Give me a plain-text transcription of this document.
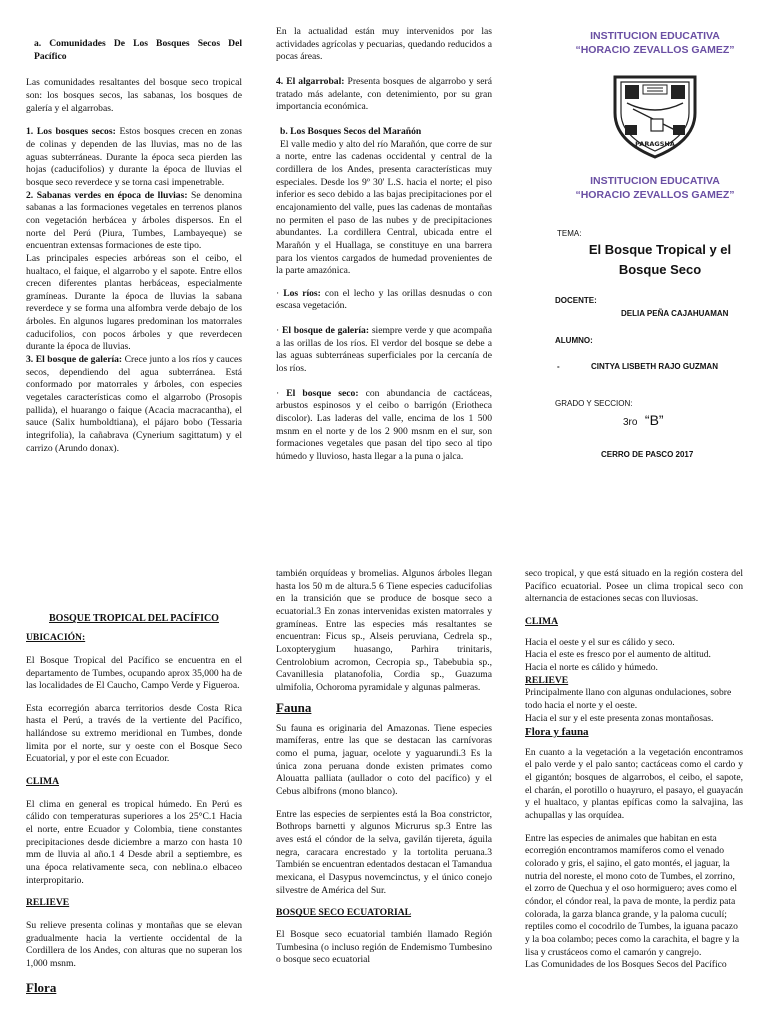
a. Comunidades De Los Bosques Secos Del Pacífico

Las comunidades resaltantes del bosque seco tropical son: los bosques secos, las sabanas, los bosques de galería y el algarrobas.

1. Los bosques secos: Estos bosques crecen en zonas de colinas y dependen de las lluvias, mas no de las aguas subterráneas. Durante la época seca pierden las hojas (caducifolios) y durante la época de lluvias el bosque seco reverdece y se torna casi impenetrable.

2. Sabanas verdes en época de lluvias: Se denomina sabanas a las formaciones vegetales en terrenos planos con vegetación herbácea y árboles dispersos. En el norte del Perú (Piura, Tumbes, Lambayeque) se encuentran extensas formaciones de este tipo.

Las principales especies arbóreas son el ceibo, el hualtaco, el faique, el algarrobo y el sapote. Entre ellos crecen diferentes plantas herbáceas, especialmente gramíneas. Durante la época de lluvias la sabana reverdece y se forma una alfombra verde debajo de los árboles. En algunos lugares predominan los matorrales caducifolios, con pocos árboles y que reverdecen durante la época de lluvias.

3. El bosque de galería: Crece junto a los ríos y cauces secos, dependiendo del agua subterránea. Está conformado por matorrales y árboles, con especies vegetales características como el algarrobo (Prosopis pallida), el huarango o faique (Acacia macracantha), el sauce (Salix humboldtiana), el pájaro bobo (Tessaria integrifolia), la cañabrava (Cynerium sagittatum) y el carrizo (Arundo donax).

En la actualidad están muy intervenidos por las actividades agrícolas y pecuarias, quedando reducidos a pocas áreas.

4. El algarrobal: Presenta bosques de algarrobo y será tratado más adelante, con detenimiento, por su gran importancia económica.

b. Los Bosques Secos del Marañón

El valle medio y alto del río Marañón, que corre de sur a norte, entre las cadenas occidental y central de la cordillera de los Andes, presenta características muy especiales. Desde los 9º 30' L.S. hacia el norte; el piso inferior es seco debido a las bajas precipitaciones por el encajonamiento del valle, pues las cadenas de montañas no permiten el paso de las nubes y de precipitaciones abundantes. La cordillera Central, ubicada entre el Marañón y el Huallaga, se constituye en una barrera para los vientos cargados de humedad provenientes de la parte amazónica.

· Los ríos: con el lecho y las orillas desnudas o con escasa vegetación.

· El bosque de galería: siempre verde y que acompaña a las orillas de los ríos. El verdor del bosque se debe a las aguas subterráneas superficiales por la cercanía de los ríos.

· El bosque seco: con abundancia de cactáceas, arbustos espinosos y el ceibo o barrigón (Eriotheca discolor). Las laderas del valle, encima de los 1 500 msnm en el norte y de los 2 900 msnm en el sur, son formaciones vegetales que pasan del tipo seco al tipo húmedo y lluvioso, hasta llegar a la puna o jalca.

INSTITUCION EDUCATIVA
“HORACIO ZEVALLOS GAMEZ”
PARAGSHA
INSTITUCION EDUCATIVA
“HORACIO ZEVALLOS GAMEZ”
TEMA:
El Bosque Tropical y el Bosque Seco
DOCENTE:
DELIA PEÑA CAJAHUAMAN
ALUMNO:
-	CINTYA LISBETH RAJO GUZMAN
GRADO Y SECCION:
3ro “B”
CERRO DE PASCO 2017

BOSQUE TROPICAL DEL PACÍFICO

UBICACIÓN:

El Bosque Tropical del Pacífico se encuentra en el departamento de Tumbes, ocupando aprox 35,000 ha de las localidades de El Caucho, Campo Verde y Figueroa.

Esta ecorregión abarca territorios desde Costa Rica hasta el Perú, a través de la vertiente del Pacífico, hallándose su extremo meridional en Tumbes, donde limita por el norte, sur y oeste con el Bosque Seco Ecuatorial, y por el este con Ecuador.

CLIMA

El clima en general es tropical húmedo. En Perú es cálido con temperaturas superiores a los 25°C.1 Hacia el norte, entre Ecuador y Colombia, tiene constantes precipitaciones desde diciembre a marzo con hasta 10 mm de lluvia al año.1 4 Desde abril a septiembre, es una época relativamente seca, con neblina.o elbaceo interpropitario.

RELIEVE

Su relieve presenta colinas y montañas que se elevan gradualmente hacia la vertiente occidental de la Cordillera de los Andes, con alturas que no superan los 1,000 msnm.

Flora

también orquídeas y bromelias. Algunos árboles llegan hasta los 50 m de altura.5 6 Tiene especies caducifolias en la transición que se produce de bosque seco a ecuatorial.3 En zonas intervenidas existen matorrales y gramíneas. Entre las especies más resaltantes se encuentran: Ficus sp., Alseis peruviana, Cedrela sp., Loxopterygium huasango, Parhira trinitaris, Centrolobium acromon, Cecropia sp., Tabebubia sp., Cavanillesia platanofolia, Cordia sp., Guazuma ulmifolia, Ochoroma pyramidale y algunas palmeras.

Fauna

Su fauna es originaria del Amazonas. Tiene especies mamíferas, entre las que se destacan las carnívoras como el puma, jaguar, ocelote y yaguarundi.3 Es la única zona peruana donde existen primates como Alouatta palliata (aullador o coto del pacífico) y el Cebus albifrons (mono blanco).

Entre las especies de serpientes está la Boa constrictor, Bothrops barnetti y algunos Micrurus sp.3 Entre las aves está el cóndor de la selva, gavilán tijereta, águila negra, caracara encrestado y la tortolita peruana.3 También se encuentran edentados destacan el Tamandua mexicana, el Dasypus novemcinctus, y el único conejo silvestre de América del Sur.

BOSQUE SECO ECUATORIAL

El Bosque seco ecuatorial también llamado Región Tumbesina (o incluso región de Endemismo Tumbesino o bosque seco ecuatorial

seco tropical, y que está situado en la región costera del Pacífico ecuatorial. Posee un clima tropical seco con alternancia de estaciones secas con lluviosas.

CLIMA

Hacia el oeste y el sur es cálido y seco.

Hacia el este es fresco por el aumento de altitud.

Hacia el norte es cálido y húmedo.

RELIEVE

Principalmente llano con algunas ondulaciones, sobre todo hacia el norte y el oeste.

Hacia el sur y el este presenta zonas montañosas.

Flora y fauna

En cuanto a la vegetación a la vegetación encontramos el palo verde y el palo santo; cactáceas como el cardo y el gigantón; bosques de algarrobos, el ceibo, el sapote, el charán, el porotillo o huayruro, el pasayo, el guayacán y el hualtaco, y plantas epíficas como la salvajina, las achupallas y las orquídea.

Entre las especies de animales que habitan en esta ecorregión encontramos mamíferos como el venado colorado y gris, el sajino, el gato montés, el jaguar, la nutria del noreste, el mono coto de Tumbes, el zorrino, el zorro de Quechua y el oso hormiguero; aves como el cóndor, el cóndor real, la pava de monte, la perdiz pata colorada, la garza blanca grande, y la paloma cuculí; reptiles como el cocodrilo de Tumbes, la iguana pacazo y la boa colambo; peces como la carachita, el bagre y la lisa y crustáceos como el camarón y cangrejo.

Las Comunidades de los Bosques Secos del Pacífico
